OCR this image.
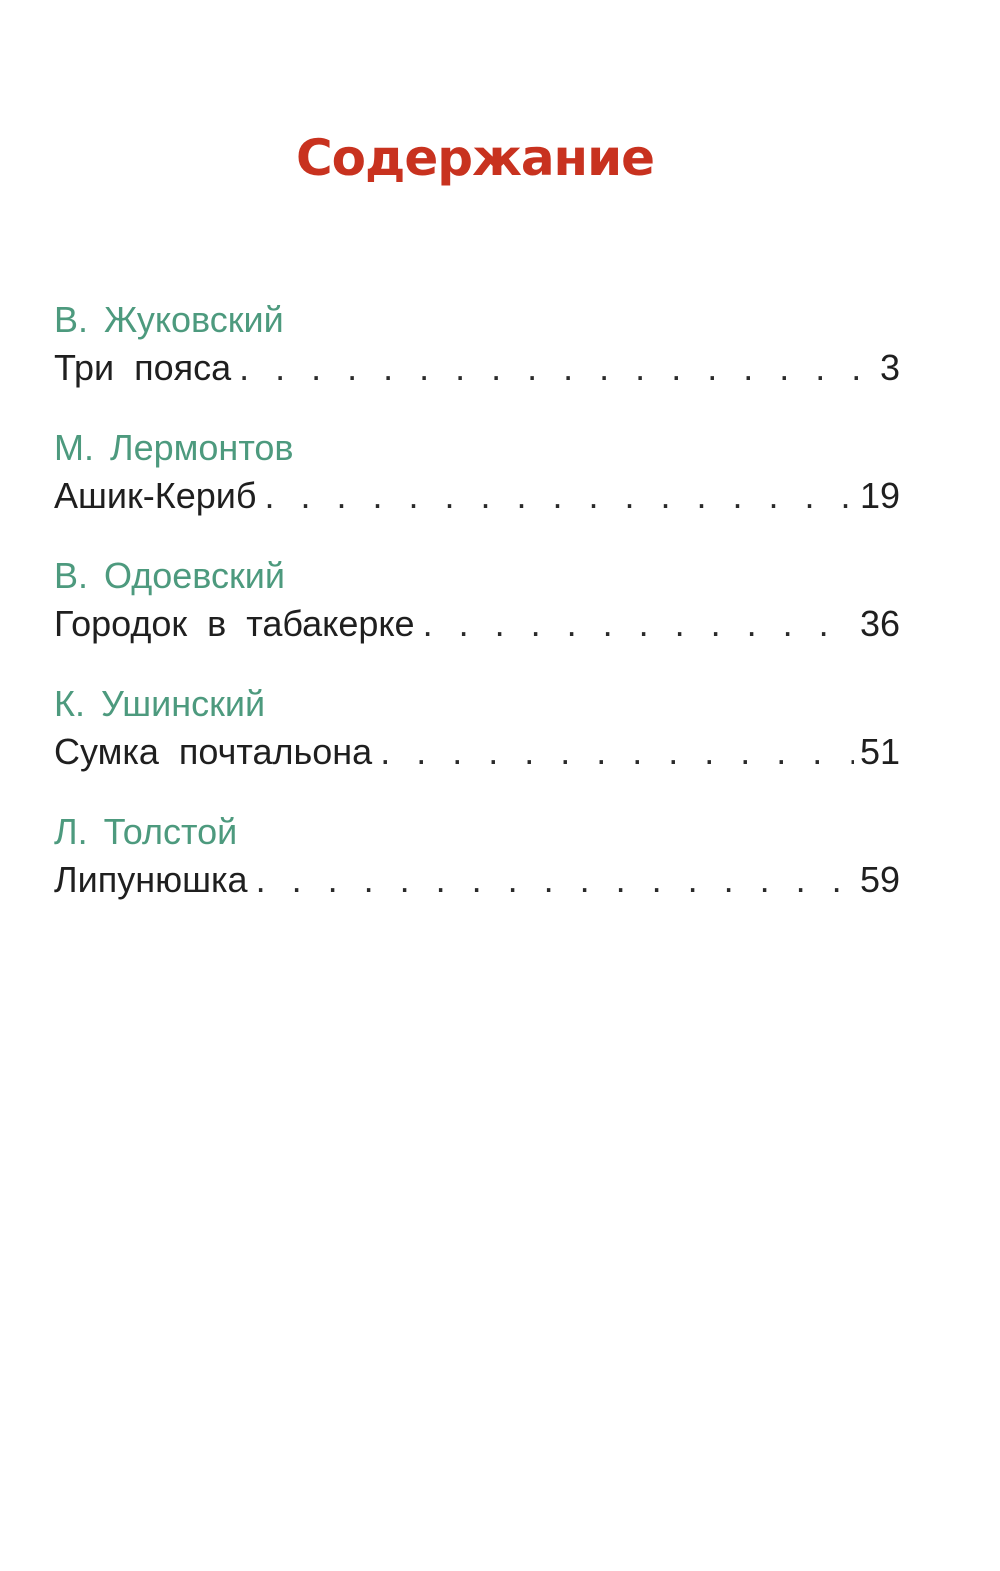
Содержание
В. Жуковский
Три пояса . . .	3
М. Лермонтов
Ашик-Кериб . . .	19
В. Одоевский
Городок в табакерке . . .	36
К. Ушинский
Сумка почтальона . . .	51
Л. Толстой
Липунюшка . . .	59
